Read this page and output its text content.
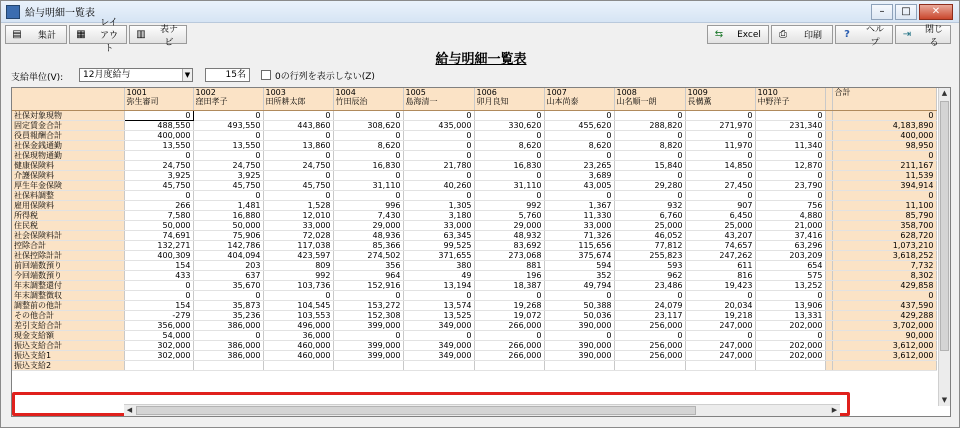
給与明細一覧表	–	□	✕
▤	集計	▦
レイアウト
▥	表ナビ
⇆	Excel	⎙	印刷	?	ヘルプ
⇥	閉じる
給与明細一覧表
支給単位(V):	12月度給与	▼	15名	0の行列を表示しない(Z)

	1001
弥生審司	1002
窪田孝子	1003
田所耕太郎	1004
竹田辰治	1005
島海清一	1006
卯月良知	1007
山本尚泰	1008
山名順一朗	1009
長構薫	1010
中野洋子		合計
社保対象現物	0	0	0	0	0	0	0	0	0	0		0
固定賃金合計	488,550	493,550	443,860	308,620	435,000	330,620	455,620	288,820	271,970	231,340		4,183,890
役員報酬合計	400,000	0	0	0	0	0	0	0	0	0		400,000
社保金銭通勤	13,550	13,550	13,860	8,620	0	8,620	8,620	8,820	11,970	11,340		98,950
社保現物通勤	0	0	0	0	0	0	0	0	0	0		0
健康保険料	24,750	24,750	24,750	16,830	21,780	16,830	23,265	15,840	14,850	12,870		211,167
介護保険料	3,925	3,925	0	0	0	0	3,689	0	0	0		11,539
厚生年金保険	45,750	45,750	45,750	31,110	40,260	31,110	43,005	29,280	27,450	23,790		394,914
社保料調整	0	0	0	0	0	0	0	0	0	0		0
雇用保険料	266	1,481	1,528	996	1,305	992	1,367	932	907	756		11,100
所得税	7,580	16,880	12,010	7,430	3,180	5,760	11,330	6,760	6,450	4,880		85,790
住民税	50,000	50,000	33,000	29,000	33,000	29,000	33,000	25,000	25,000	21,000		358,700
社会保険料計	74,691	75,906	72,028	48,936	63,345	48,932	71,326	46,052	43,207	37,416		628,720
控除合計	132,271	142,786	117,038	85,366	99,525	83,692	115,656	77,812	74,657	63,296		1,073,210
社保控除計計	400,309	404,094	423,597	274,502	371,655	273,068	375,674	255,823	247,262	203,209		3,618,252
前回端数預り	154	203	809	356	380	881	594	593	611	654		7,732
今回端数預り	433	637	992	964	49	196	352	962	816	575		8,302
年末調整還付	0	35,670	103,736	152,916	13,194	18,387	49,794	23,486	19,423	13,252		429,858
年末調整徴収	0	0	0	0	0	0	0	0	0	0		0
調整前の他計	154	35,873	104,545	153,272	13,574	19,268	50,388	24,079	20,034	13,906		437,590
その他合計	-279	35,236	103,553	152,308	13,525	19,072	50,036	23,117	19,218	13,331		429,288
差引支給合計	356,000	386,000	496,000	399,000	349,000	266,000	390,000	256,000	247,000	202,000		3,702,000
現金支給額	54,000	0	36,000	0	0	0	0	0	0	0		90,000
振込支給合計	302,000	386,000	460,000	399,000	349,000	266,000	390,000	256,000	247,000	202,000		3,612,000
振込支給1	302,000	386,000	460,000	399,000	349,000	266,000	390,000	256,000	247,000	202,000		3,612,000
振込支給2												
▲
▼
◀	▶
